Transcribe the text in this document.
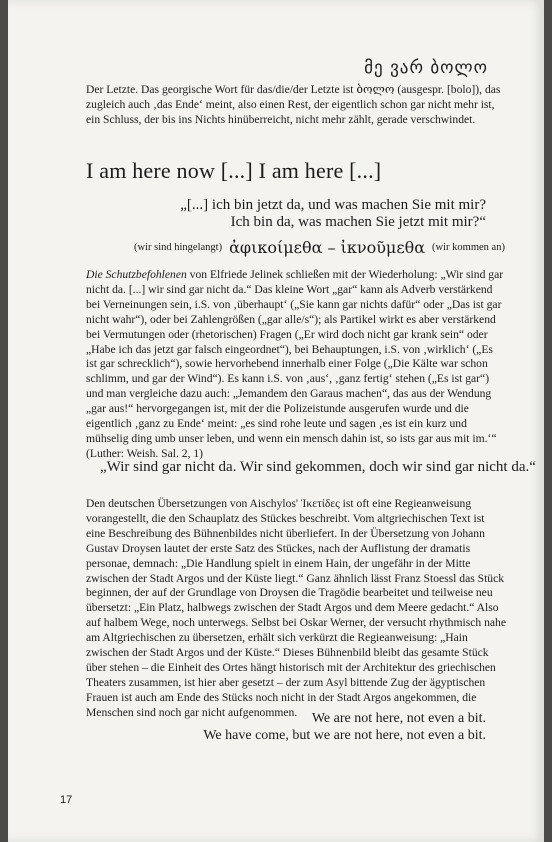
მე ვარ ბოლო

Der Letzte. Das georgische Wort für das/die/der Letzte ist ბოლო (ausgespr. [bolo]), das zugleich auch ‚das Ende‘ meint, also einen Rest, der eigentlich schon gar nicht mehr ist, ein Schluss, der bis ins Nichts hinüberreicht, nicht mehr zählt, gerade verschwindet.

I am here now [...] I am here [...]
„[...] ich bin jetzt da, und was machen Sie mit mir?
Ich bin da, was machen Sie jetzt mit mir?“
(wir sind hingelangt) ἀφικοίμεθα – ἰκνοῦμεθα (wir kommen an)

Die Schutzbefohlenen von Elfriede Jelinek schließen mit der Wiederholung: „Wir sind gar nicht da. [...] wir sind gar nicht da.“ Das kleine Wort „gar“ kann als Adverb verstärkend bei Verneinungen sein, i.S. von ‚überhaupt‘ („Sie kann gar nichts dafür“ oder „Das ist gar nicht wahr“), oder bei Zahlengrößen („gar alle/s“); als Partikel wirkt es aber verstärkend bei Vermutungen oder (rhetorischen) Fragen („Er wird doch nicht gar krank sein“ oder „Habe ich das jetzt gar falsch eingeordnet“), bei Behauptungen, i.S. von ‚wirklich‘ („Es ist gar schrecklich“), sowie hervorhebend innerhalb einer Folge („Die Kälte war schon schlimm, und gar der Wind“). Es kann i.S. von ‚aus‘, ‚ganz fertig‘ stehen („Es ist gar“) und man vergleiche dazu auch: „Jemandem den Garaus machen“, das aus der Wendung „gar aus!“ hervorgegangen ist, mit der die Polizeistunde ausgerufen wurde und die eigentlich ‚ganz zu Ende‘ meint: „es sind rohe leute und sagen ‚es ist ein kurz und mühselig ding umb unser leben, und wenn ein mensch dahin ist, so ists gar aus mit im.‘“ (Luther: Weish. Sal. 2, 1)

„Wir sind gar nicht da. Wir sind gekommen, doch wir sind gar nicht da.“

Den deutschen Übersetzungen von Aischylos' Ἱκετίδες ist oft eine Regieanweisung vorangestellt, die den Schauplatz des Stückes beschreibt. Vom altgriechischen Text ist eine Beschreibung des Bühnenbildes nicht überliefert. In der Übersetzung von Johann Gustav Droysen lautet der erste Satz des Stückes, nach der Auflistung der dramatis personae, demnach: „Die Handlung spielt in einem Hain, der ungefähr in der Mitte zwischen der Stadt Argos und der Küste liegt.“ Ganz ähnlich lässt Franz Stoessl das Stück beginnen, der auf der Grundlage von Droysen die Tragödie bearbeitet und teilweise neu übersetzt: „Ein Platz, halbwegs zwischen der Stadt Argos und dem Meere gedacht.“ Also auf halbem Wege, noch unterwegs. Selbst bei Oskar Werner, der versucht rhythmisch nahe am Altgriechischen zu übersetzen, erhält sich verkürzt die Regieanweisung: „Hain zwischen der Stadt Argos und der Küste.“ Dieses Bühnenbild bleibt das gesamte Stück über stehen – die Einheit des Ortes hängt historisch mit der Architektur des griechischen Theaters zusammen, ist hier aber gesetzt – der zum Asyl bittende Zug der ägyptischen Frauen ist auch am Ende des Stücks noch nicht in der Stadt Argos angekommen, die Menschen sind noch gar nicht aufgenommen.	We are not here, not even a bit.
We have come, but we are not here, not even a bit.
17
